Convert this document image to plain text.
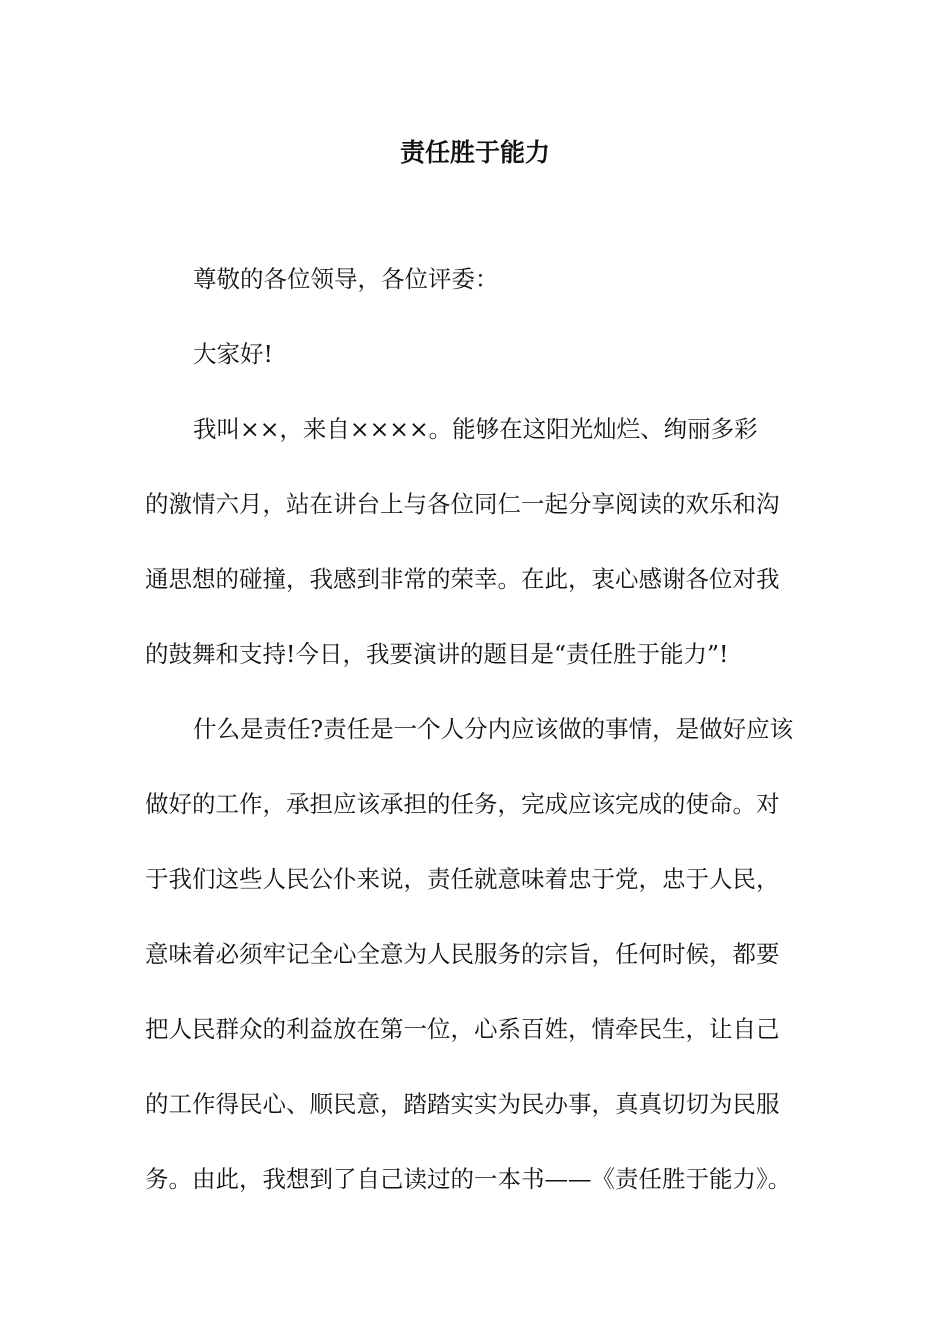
责任胜于能力
尊敬的各位领导，各位评委：
大家好!
我叫××，来自××××。能够在这阳光灿烂、绚丽多彩
的激情六月，站在讲台上与各位同仁一起分享阅读的欢乐和沟
通思想的碰撞，我感到非常的荣幸。在此，衷心感谢各位对我
的鼓舞和支持!今日，我要演讲的题目是“责任胜于能力”!
什么是责任?责任是一个人分内应该做的事情，是做好应该
做好的工作，承担应该承担的任务，完成应该完成的使命。对
于我们这些人民公仆来说，责任就意味着忠于党，忠于人民，
意味着必须牢记全心全意为人民服务的宗旨，任何时候，都要
把人民群众的利益放在第一位，心系百姓，情牵民生，让自己
的工作得民心、顺民意，踏踏实实为民办事，真真切切为民服
务。由此，我想到了自己读过的一本书——《责任胜于能力》。
